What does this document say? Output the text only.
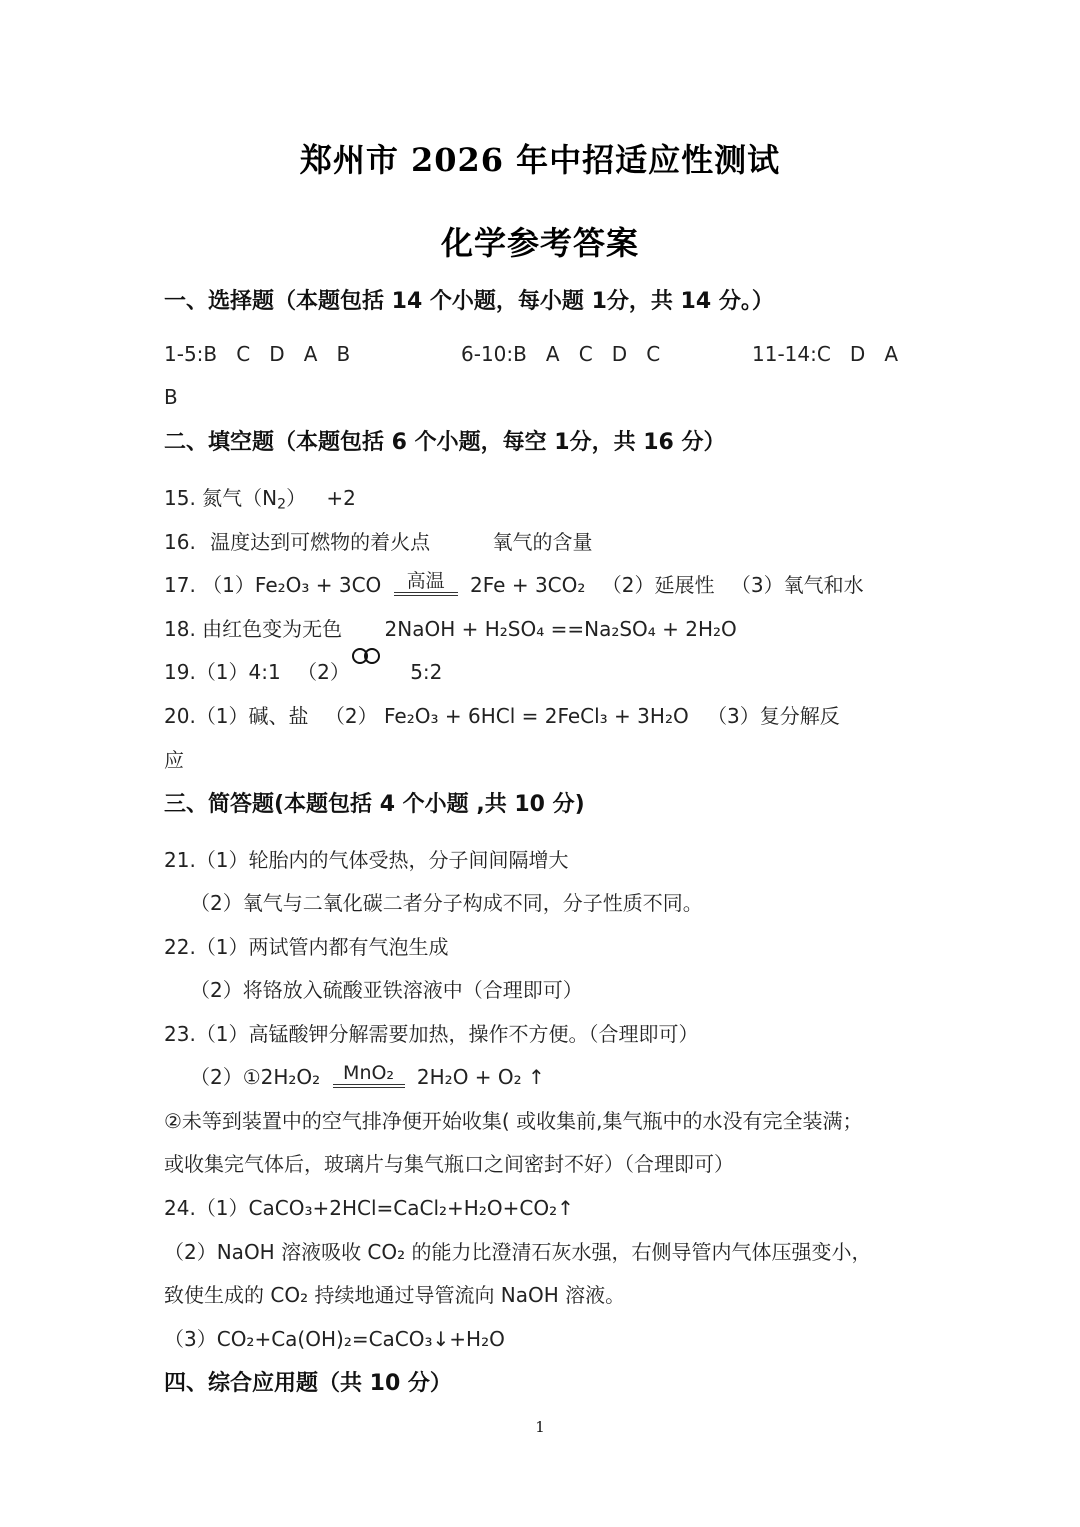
郑州市 2026 年中招适应性测试
化学参考答案
一、选择题（本题包括 14 个小题，每小题 1分，共 14 分。）
1-5:B   C   D   A   B	6-10:B   A   C   D   C	11-14:C   D   A
B
二、填空题（本题包括 6 个小题，每空 1分，共 16 分）
15. 氮气$(N_2) +2$
16. 温度达到可燃物的着火点	氧气的含量
17. （1）Fe₂O₃ + 3CO	高温	2Fe + 3CO₂ （2）延展性 （3）氧气和水
18. 由红色变为无色 2NaOH + H₂SO₄ ==Na₂SO₄ + 2H₂O
19.（1）4:1 （2）	5:2
20.（1）碱、盐 （2） Fe₂O₃ + 6HCl = 2FeCl₃ + 3H₂O （3）复分解反
应
三、简答题(本题包括 4 个小题 ,共 10 分)
21.（1）轮胎内的气体受热，分子间间隔增大
（2）氧气与二氧化碳二者分子构成不同，分子性质不同。
22.（1）两试管内都有气泡生成
（2）将铬放入硫酸亚铁溶液中（合理即可）
23.（1）高锰酸钾分解需要加热，操作不方便。（合理即可）
（2）①2H₂O₂	MnO₂	2H₂O + O₂ ↑
②未等到装置中的空气排净便开始收集( 或收集前,集气瓶中的水没有完全装满；
或收集完气体后，玻璃片与集气瓶口之间密封不好）（合理即可）
24.（1）CaCO₃+2HCl=CaCl₂+H₂O+CO₂↑
（2）NaOH 溶液吸收 CO₂ 的能力比澄清石灰水强，右侧导管内气体压强变小，
致使生成的 CO₂ 持续地通过导管流向 NaOH 溶液。
（3）CO₂+Ca(OH)₂=CaCO₃↓+H₂O
四、综合应用题（共 10 分）
1
